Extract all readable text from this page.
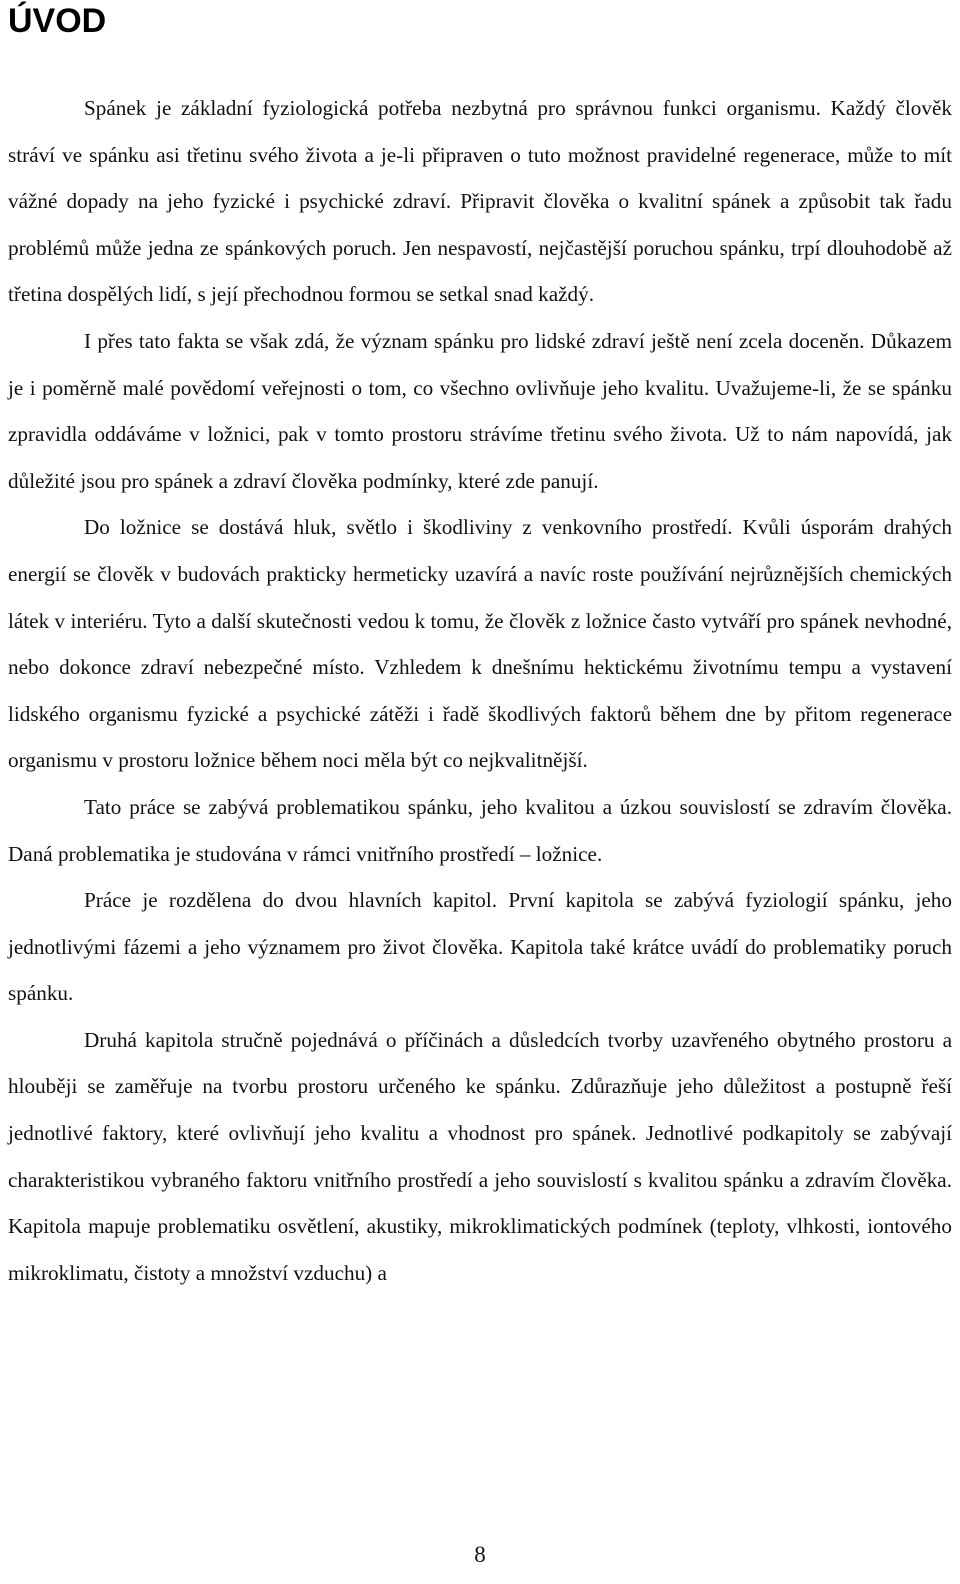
ÚVOD

Spánek je základní fyziologická potřeba nezbytná pro správnou funkci organismu. Každý člověk stráví ve spánku asi třetinu svého života a je-li připraven o tuto možnost pravidelné regenerace, může to mít vážné dopady na jeho fyzické i psychické zdraví. Připravit člověka o kvalitní spánek a způsobit tak řadu problémů může jedna ze spánkových poruch. Jen nespavostí, nejčastější poruchou spánku, trpí dlouhodobě až třetina dospělých lidí, s její přechodnou formou se setkal snad každý.

I přes tato fakta se však zdá, že význam spánku pro lidské zdraví ještě není zcela doceněn. Důkazem je i poměrně malé povědomí veřejnosti o tom, co všechno ovlivňuje jeho kvalitu. Uvažujeme-li, že se spánku zpravidla oddáváme v ložnici, pak v tomto prostoru strávíme třetinu svého života. Už to nám napovídá, jak důležité jsou pro spánek a zdraví člověka podmínky, které zde panují.

Do ložnice se dostává hluk, světlo i škodliviny z venkovního prostředí. Kvůli úsporám drahých energií se člověk v budovách prakticky hermeticky uzavírá a navíc roste používání nejrůznějších chemických látek v interiéru. Tyto a další skutečnosti vedou k tomu, že člověk z ložnice často vytváří pro spánek nevhodné, nebo dokonce zdraví nebezpečné místo. Vzhledem k dnešnímu hektickému životnímu tempu a vystavení lidského organismu fyzické a psychické zátěži i řadě škodlivých faktorů během dne by přitom regenerace organismu v prostoru ložnice během noci měla být co nejkvalitnější.

Tato práce se zabývá problematikou spánku, jeho kvalitou a úzkou souvislostí se zdravím člověka. Daná problematika je studována v rámci vnitřního prostředí – ložnice.

Práce je rozdělena do dvou hlavních kapitol. První kapitola se zabývá fyziologií spánku, jeho jednotlivými fázemi a jeho významem pro život člověka. Kapitola také krátce uvádí do problematiky poruch spánku.

Druhá kapitola stručně pojednává o příčinách a důsledcích tvorby uzavřeného obytného prostoru a hlouběji se zaměřuje na tvorbu prostoru určeného ke spánku. Zdůrazňuje jeho důležitost a postupně řeší jednotlivé faktory, které ovlivňují jeho kvalitu a vhodnost pro spánek. Jednotlivé podkapitoly se zabývají charakteristikou vybraného faktoru vnitřního prostředí a jeho souvislostí s kvalitou spánku a zdravím člověka. Kapitola mapuje problematiku osvětlení, akustiky, mikroklimatických podmínek (teploty, vlhkosti, iontového mikroklimatu, čistoty a množství vzduchu) a

8
